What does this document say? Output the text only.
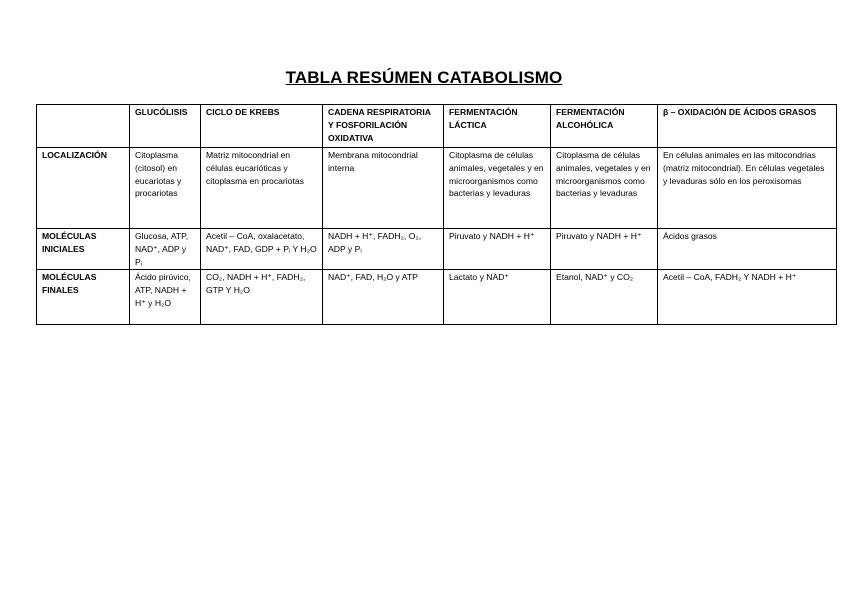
TABLA RESÚMEN CATABOLISMO
	GLUCÓLISIS	CICLO DE KREBS	CADENA RESPIRATORIA Y FOSFORILACIÓN OXIDATIVA	FERMENTACIÓN LÁCTICA	FERMENTACIÓN ALCOHÓLICA	β – OXIDACIÓN DE ÁCIDOS GRASOS
LOCALIZACIÓN	Citoplasma (citosol) en eucariotas y procariotas	Matriz mitocondrial en células eucarióticas y citoplasma en procariotas	Membrana mitocondrial interna	Citoplasma de células animales, vegetales y en microorganismos como bacterias y levaduras	Citoplasma de células animales, vegetales y en microorganismos como bacterias y levaduras	En células animales en las mitocondrias (matriz mitocondrial). En células vegetales y levaduras sólo en los peroxisomas
MOLÉCULAS INICIALES	Glucosa, ATP, NAD⁺, ADP y Pᵢ	Acetil – CoA, oxalacetato, NAD⁺, FAD, GDP + Pᵢ Y H₂O	NADH + H⁺, FADH₂, O₂, ADP y Pᵢ	Piruvato y NADH + H⁺	Piruvato y NADH + H⁺	Ácidos grasos
MOLÉCULAS FINALES	Ácido pirúvico, ATP, NADH + H⁺ y H₂O	CO₂, NADH + H⁺, FADH₂, GTP Y H₂O	NAD⁺, FAD, H₂O y ATP	Lactato y NAD⁺	Etanol, NAD⁺ y CO₂	Acetil – CoA, FADH₂ Y NADH + H⁺
